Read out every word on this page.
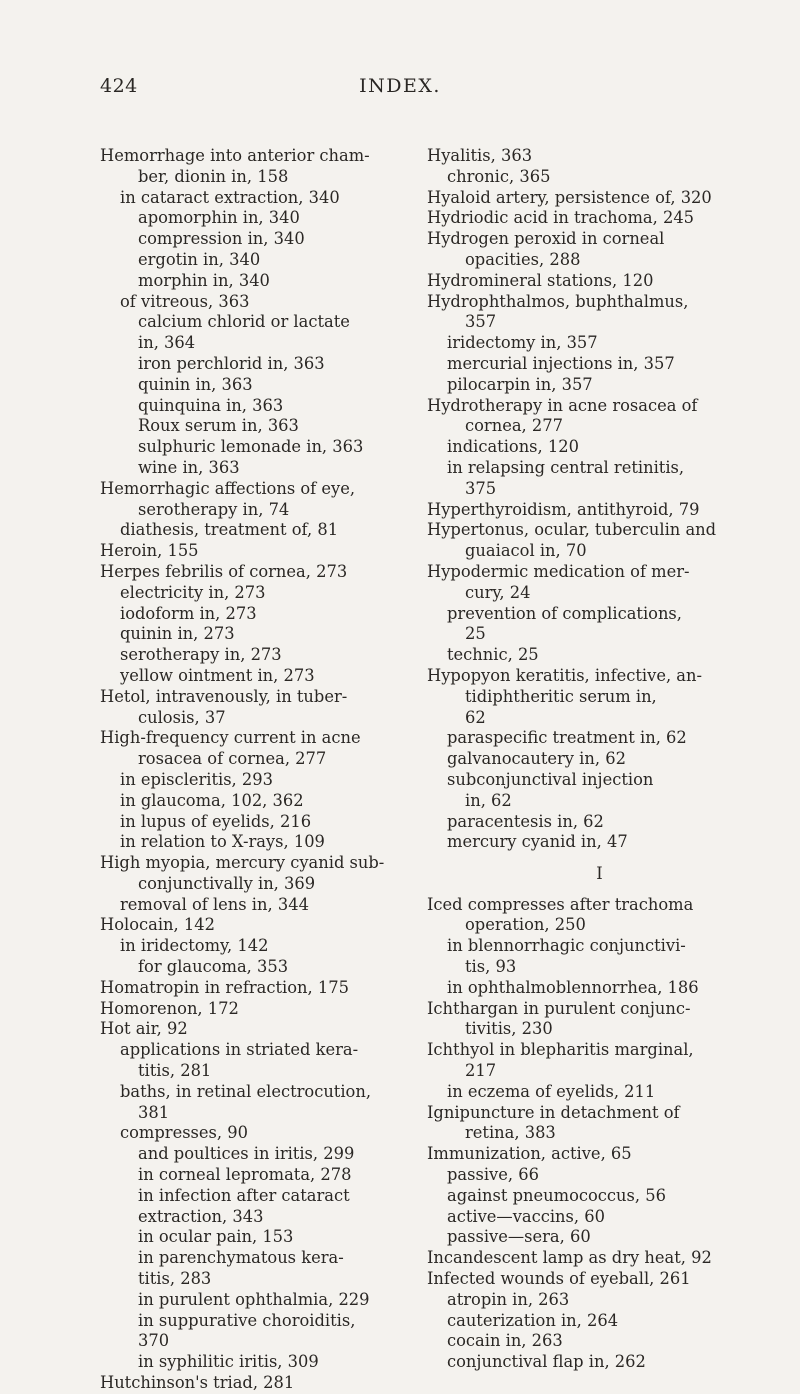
424	INDEX.
Hemorrhage into anterior cham-
ber, dionin in, 158
in cataract extraction, 340
apomorphin in, 340
compression in, 340
ergotin in, 340
morphin in, 340
of vitreous, 363
calcium chlorid or lactate
in, 364
iron perchlorid in, 363
quinin in, 363
quinquina in, 363
Roux serum in, 363
sulphuric lemonade in, 363
wine in, 363
Hemorrhagic affections of eye,
serotherapy in, 74
diathesis, treatment of, 81
Heroin, 155
Herpes febrilis of cornea, 273
electricity in, 273
iodoform in, 273
quinin in, 273
serotherapy in, 273
yellow ointment in, 273
Hetol, intravenously, in tuber-
culosis, 37
High-frequency current in acne
rosacea of cornea, 277
in episcleritis, 293
in glaucoma, 102, 362
in lupus of eyelids, 216
in relation to X-rays, 109
High myopia, mercury cyanid sub-
conjunctivally in, 369
removal of lens in, 344
Holocain, 142
in iridectomy, 142
for glaucoma, 353
Homatropin in refraction, 175
Homorenon, 172
Hot air, 92
applications in striated kera-
titis, 281
baths, in retinal electrocution,
381
compresses, 90
and poultices in iritis, 299
in corneal lepromata, 278
in infection after cataract
extraction, 343
in ocular pain, 153
in parenchymatous kera-
titis, 283
in purulent ophthalmia, 229
in suppurative choroiditis,
370
in syphilitic iritis, 309
Hutchinson's triad, 281
Hyalitis, 363
chronic, 365
Hyaloid artery, persistence of, 320
Hydriodic acid in trachoma, 245
Hydrogen peroxid in corneal
opacities, 288
Hydromineral stations, 120
Hydrophthalmos, buphthalmus,
357
iridectomy in, 357
mercurial injections in, 357
pilocarpin in, 357
Hydrotherapy in acne rosacea of
cornea, 277
indications, 120
in relapsing central retinitis,
375
Hyperthyroidism, antithyroid, 79
Hypertonus, ocular, tuberculin and
guaiacol in, 70
Hypodermic medication of mer-
cury, 24
prevention of complications,
25
technic, 25
Hypopyon keratitis, infective, an-
tidiphtheritic serum in,
62
paraspecific treatment in, 62
galvanocautery in, 62
subconjunctival injection
in, 62
paracentesis in, 62
mercury cyanid in, 47
I
Iced compresses after trachoma
operation, 250
in blennorrhagic conjunctivi-
tis, 93
in ophthalmoblennorrhea, 186
Ichthargan in purulent conjunc-
tivitis, 230
Ichthyol in blepharitis marginal,
217
in eczema of eyelids, 211
Ignipuncture in detachment of
retina, 383
Immunization, active, 65
passive, 66
against pneumococcus, 56
active—vaccins, 60
passive—sera, 60
Incandescent lamp as dry heat, 92
Infected wounds of eyeball, 261
atropin in, 263
cauterization in, 264
cocain in, 263
conjunctival flap in, 262
